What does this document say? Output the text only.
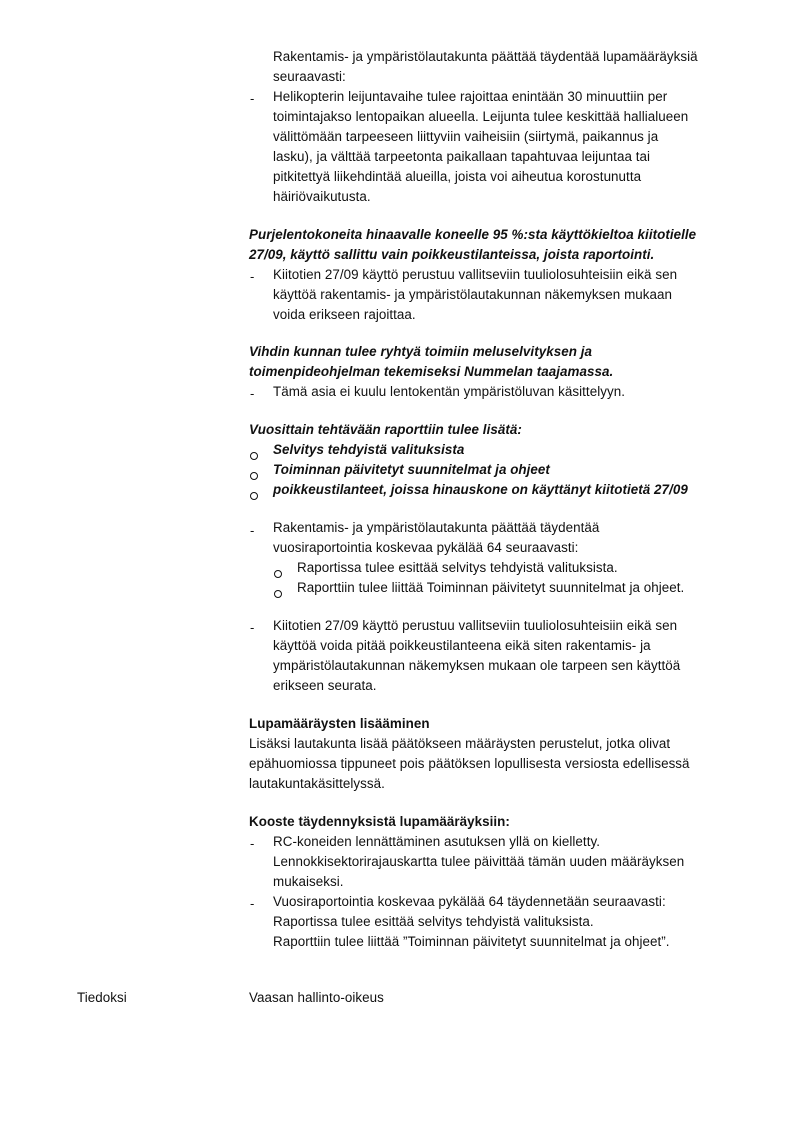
Rakentamis- ja ympäristölautakunta päättää täydentää lupamääräyksiä
seuraavasti:
- Helikopterin leijuntavaihe tulee rajoittaa enintään 30 minuuttiin per
toimintajakso lentopaikan alueella. Leijunta tulee keskittää hallialueen
välittömään tarpeeseen liittyviin vaiheisiin (siirtymä, paikannus ja
lasku), ja välttää tarpeetonta paikallaan tapahtuvaa leijuntaa tai
pitkitettyä liikehdintää alueilla, joista voi aiheutua korostunutta
häiriövaikutusta.
Purjelentokoneita hinaavalle koneelle 95 %:sta käyttökieltoa kiitotielle
27/09, käyttö sallittu vain poikkeustilanteissa, joista raportointi.
- Kiitotien 27/09 käyttö perustuu vallitseviin tuuliolosuhteisiin eikä sen
käyttöä rakentamis- ja ympäristölautakunnan näkemyksen mukaan
voida erikseen rajoittaa.
Vihdin kunnan tulee ryhtyä toimiin meluselvityksen ja
toimenpideohjelman tekemiseksi Nummelan taajamassa.
- Tämä asia ei kuulu lentokentän ympäristöluvan käsittelyyn.
Vuosittain tehtävään raporttiin tulee lisätä:
Selvitys tehdyistä valituksista
Toiminnan päivitetyt suunnitelmat ja ohjeet
poikkeustilanteet, joissa hinauskone on käyttänyt kiitotietä 27/09
- Rakentamis- ja ympäristölautakunta päättää täydentää
vuosiraportointia koskevaa pykälää 64 seuraavasti:
Raportissa tulee esittää selvitys tehdyistä valituksista.
Raporttiin tulee liittää Toiminnan päivitetyt suunnitelmat ja ohjeet.
- Kiitotien 27/09 käyttö perustuu vallitseviin tuuliolosuhteisiin eikä sen
käyttöä voida pitää poikkeustilanteena eikä siten rakentamis- ja
ympäristölautakunnan näkemyksen mukaan ole tarpeen sen käyttöä
erikseen seurata.
Lupamääräysten lisääminen
Lisäksi lautakunta lisää päätökseen määräysten perustelut, jotka olivat
epähuomiossa tippuneet pois päätöksen lopullisesta versiosta edellisessä
lautakuntakäsittelyssä.
Kooste täydennyksistä lupamääräyksiin:
- RC-koneiden lennättäminen asutuksen yllä on kielletty.
Lennokkisektorirajauskartta tulee päivittää tämän uuden määräyksen
mukaiseksi.
- Vuosiraportointia koskevaa pykälää 64 täydennetään seuraavasti:
Raportissa tulee esittää selvitys tehdyistä valituksista.
Raporttiin tulee liittää ”Toiminnan päivitetyt suunnitelmat ja ohjeet”.
Tiedoksi	Vaasan hallinto-oikeus
